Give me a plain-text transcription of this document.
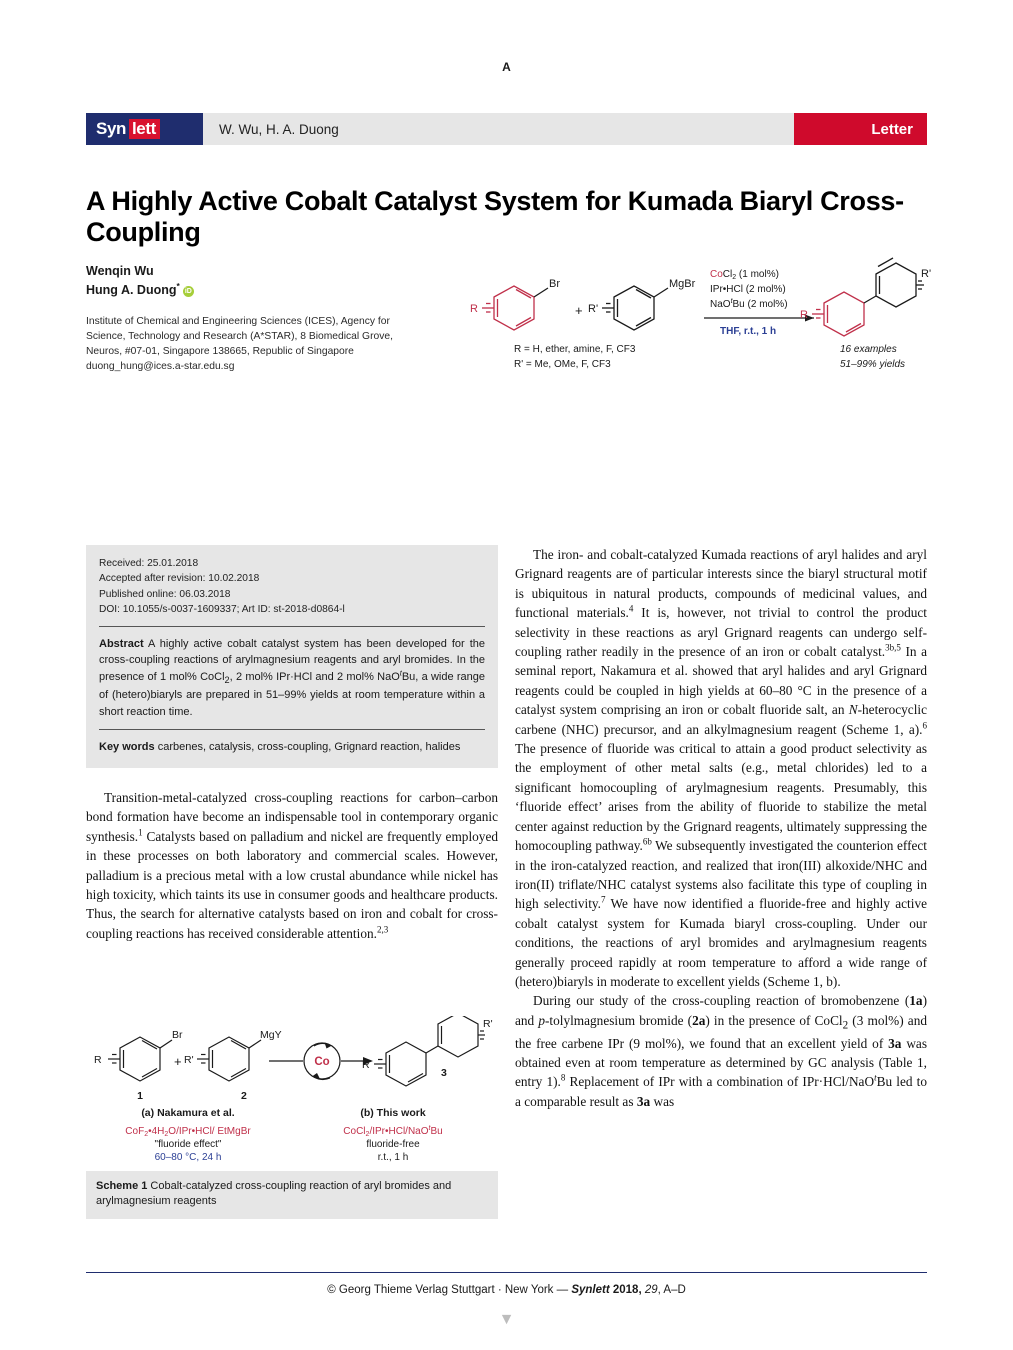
A
Syn lett	W. Wu, H. A. Duong	Letter
A Highly Active Cobalt Catalyst System for Kumada Biaryl Cross-Coupling
Wenqin Wu
Hung A. Duong*iD
Institute of Chemical and Engineering Sciences (ICES), Agency for Science, Technology and Research (A*STAR), 8 Biomedical Grove, Neuros, #07-01, Singapore 138665, Republic of Singapore
duong_hung@ices.a-star.edu.sg
R
Br
+ R'
MgBr
CoCl$_2$ (1 mol%)
IPr•HCl (2 mol%)
NaO$^t$Bu (2 mol%)
THF, r.t., 1 h
R = H, ether, amine, F, CF3
R' = Me, OMe, F, CF3
R
R'
16 examples
51–99% yields
Received: 25.01.2018
Accepted after revision: 10.02.2018
Published online: 06.03.2018
DOI: 10.1055/s-0037-1609337; Art ID: st-2018-d0864-l
Abstract A highly active cobalt catalyst system has been developed for the cross-coupling reactions of arylmagnesium reagents and aryl bromides. In the presence of 1 mol% CoCl$_2$, 2 mol% IPr·HCl and 2 mol% NaO$^t$Bu, a wide range of (hetero)biaryls are prepared in 51–99% yields at room temperature within a short reaction time.
Key words carbenes, catalysis, cross-coupling, Grignard reaction, halides

Transition-metal-catalyzed cross-coupling reactions for carbon–carbon bond formation have become an indispensable tool in contemporary organic synthesis.$^1$ Catalysts based on palladium and nickel are frequently employed in these processes on both laboratory and commercial scales. However, palladium is a precious metal with a low crustal abundance while nickel has high toxicity, which taints its use in consumer goods and healthcare products. Thus, the search for alternative catalysts based on iron and cobalt for cross-coupling reactions has received considerable attention.$^{2,3}$

R
Br
1
+ R'
MgY
2
Co	R
R'
3
(a) Nakamura et al.	(b) This work
$CoF_2•4H_2O/IPr•HCl/$ EtMgBr
"fluoride effect"
60–80 °C, 24 h
CoCl$_2$/IPr•HCl/NaO$^t$Bu
fluoride-free
r.t., 1 h
Scheme 1 Cobalt-catalyzed cross-coupling reaction of aryl bromides and arylmagnesium reagents

The iron- and cobalt-catalyzed Kumada reactions of aryl halides and aryl Grignard reagents are of particular interests since the biaryl structural motif is ubiquitous in natural products, compounds of medicinal values, and functional materials.$^4$ It is, however, not trivial to control the product selectivity in these reactions as aryl Grignard reagents can undergo self-coupling rather readily in the presence of an iron or cobalt catalyst.$^{3b,5}$ In a seminal report, Nakamura et al. showed that aryl halides and aryl Grignard reagents could be coupled in high yields at 60–80 °C in the presence of a catalyst system comprising an iron or cobalt fluoride salt, an N-heterocyclic carbene (NHC) precursor, and an alkylmagnesium reagent (Scheme 1, a).$^6$ The presence of fluoride was critical to attain a good product selectivity as the employment of other metal salts (e.g., metal chlorides) led to a significant homocoupling of arylmagnesium reagents. Presumably, this ‘fluoride effect’ arises from the ability of fluoride to stabilize the metal center against reduction by the Grignard reagents, ultimately suppressing the homocoupling pathway.$^{6b}$ We subsequently investigated the counterion effect in the iron-catalyzed reaction, and realized that iron(III) alkoxide/NHC and iron(II) triflate/NHC catalyst systems also facilitate this type of coupling in high selectivity.$^7$ We have now identified a fluoride-free and highly active cobalt catalyst system for Kumada biaryl cross-coupling. Under our conditions, the reactions of aryl bromides and arylmagnesium reagents generally proceed rapidly at room temperature to afford a wide range of (hetero)biaryls in moderate to excellent yields (Scheme 1, b).

During our study of the cross-coupling reaction of bromobenzene (1a) and p-tolylmagnesium bromide (2a) in the presence of CoCl$_2$ (3 mol%) and the free carbene IPr (9 mol%), we found that an excellent yield of 3a was obtained even at room temperature as determined by GC analysis (Table 1, entry 1).$^8$ Replacement of IPr with a combination of IPr·HCl/NaO$^t$Bu led to a comparable result as 3a was

© Georg Thieme Verlag Stuttgart · New York — Synlett 2018, 29, A–D
▼
